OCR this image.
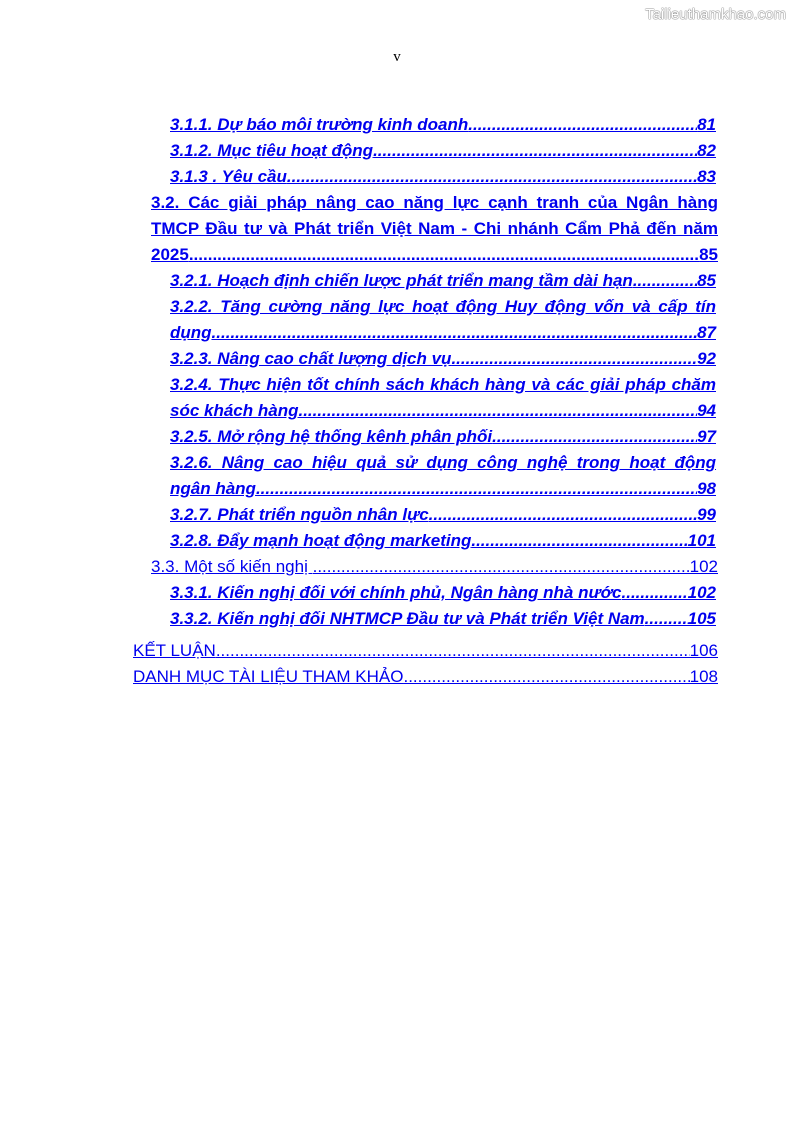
Tailieuthamkhao.com
v
3.1.1. Dự báo môi trường kinh doanh .....	81
3.1.2. Mục tiêu hoạt động .....	82
3.1.3 . Yêu cầu .....	83
3.2. Các giải pháp nâng cao năng lực cạnh tranh của Ngân hàng
TMCP Đầu tư và Phát triển Việt Nam - Chi nhánh Cẩm Phả đến năm
2025 .....	85
3.2.1. Hoạch định chiến lược phát triển mang tầm dài hạn .....	85
3.2.2. Tăng cường năng lực hoạt động Huy động vốn và cấp tín
dụng .....	87
3.2.3. Nâng cao chất lượng dịch vụ .....	92
3.2.4. Thực hiện tốt chính sách khách hàng và các giải pháp chăm
sóc khách hàng .....	94
3.2.5. Mở rộng hệ thống kênh phân phối .....	97
3.2.6. Nâng cao hiệu quả sử dụng công nghệ trong hoạt động
ngân hàng .....	98
3.2.7. Phát triển nguồn nhân lực .....	99
3.2.8. Đẩy mạnh hoạt động marketing .....	101
3.3. Một số kiến nghị .....	102
3.3.1. Kiến nghị đối với chính phủ, Ngân hàng nhà nước .....	102
3.3.2. Kiến nghị đối NHTMCP Đầu tư và Phát triển Việt Nam .....	105
KẾT LUẬN .....	106
DANH MỤC TÀI LIỆU THAM KHẢO .....	108
